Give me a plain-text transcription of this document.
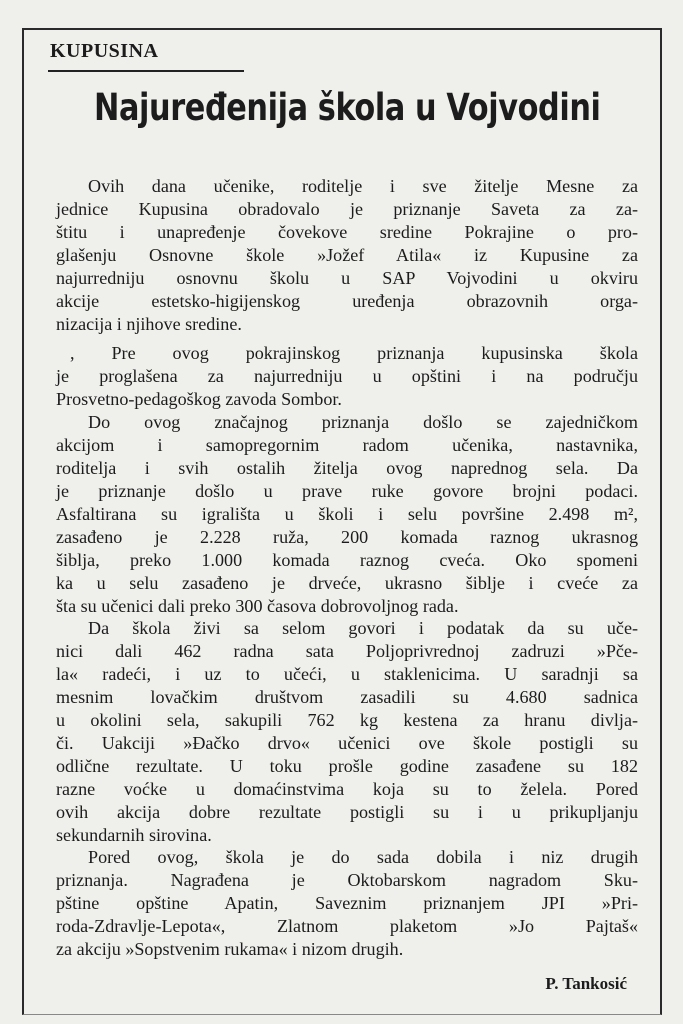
KUPUSINA
Najuređenija škola u Vojvodini
Ovih dana učenike, roditelje i sve žitelje Mesne za
jednice Kupusina obradovalo je priznanje Saveta za za-
štitu i unapređenje čovekove sredine Pokrajine o pro-
glašenju Osnovne škole »Jožef Atila« iz Kupusine za
najurredniju osnovnu školu u SAP Vojvodini u okviru
akcije estetsko-higijenskog uređenja obrazovnih orga-
nizacija i njihove sredine.
, Pre ovog pokrajinskog priznanja kupusinska škola
je proglašena za najurredniju u opštini i na području
Prosvetno-pedagoškog zavoda Sombor.
Do ovog značajnog priznanja došlo se zajedničkom
akcijom i samopregornim radom učenika, nastavnika,
roditelja i svih ostalih žitelja ovog naprednog sela. Da
je priznanje došlo u prave ruke govore brojni podaci.
Asfaltirana su igrališta u školi i selu površine 2.498 m²,
zasađeno je 2.228 ruža, 200 komada raznog ukrasnog
šiblja, preko 1.000 komada raznog cveća. Oko spomeni
ka u selu zasađeno je drveće, ukrasno šiblje i cveće za
šta su učenici dali preko 300 časova dobrovoljnog rada.
Da škola živi sa selom govori i podatak da su uče-
nici dali 462 radna sata Poljoprivrednoj zadruzi »Pče-
la« radeći, i uz to učeći, u staklenicima. U saradnji sa
mesnim lovačkim društvom zasadili su 4.680 sadnica
u okolini sela, sakupili 762 kg kestena za hranu divlja-
či. Uakciji »Đačko drvo« učenici ove škole postigli su
odlične rezultate. U toku prošle godine zasađene su 182
razne voćke u domaćinstvima koja su to želela. Pored
ovih akcija dobre rezultate postigli su i u prikupljanju
sekundarnih sirovina.
Pored ovog, škola je do sada dobila i niz drugih
priznanja. Nagrađena je Oktobarskom nagradom Sku-
pštine opštine Apatin, Saveznim priznanjem JPI »Pri-
roda-Zdravlje-Lepota«, Zlatnom plaketom »Jo Pajtaš«
za akciju »Sopstvenim rukama« i nizom drugih.
P. Tankosić
